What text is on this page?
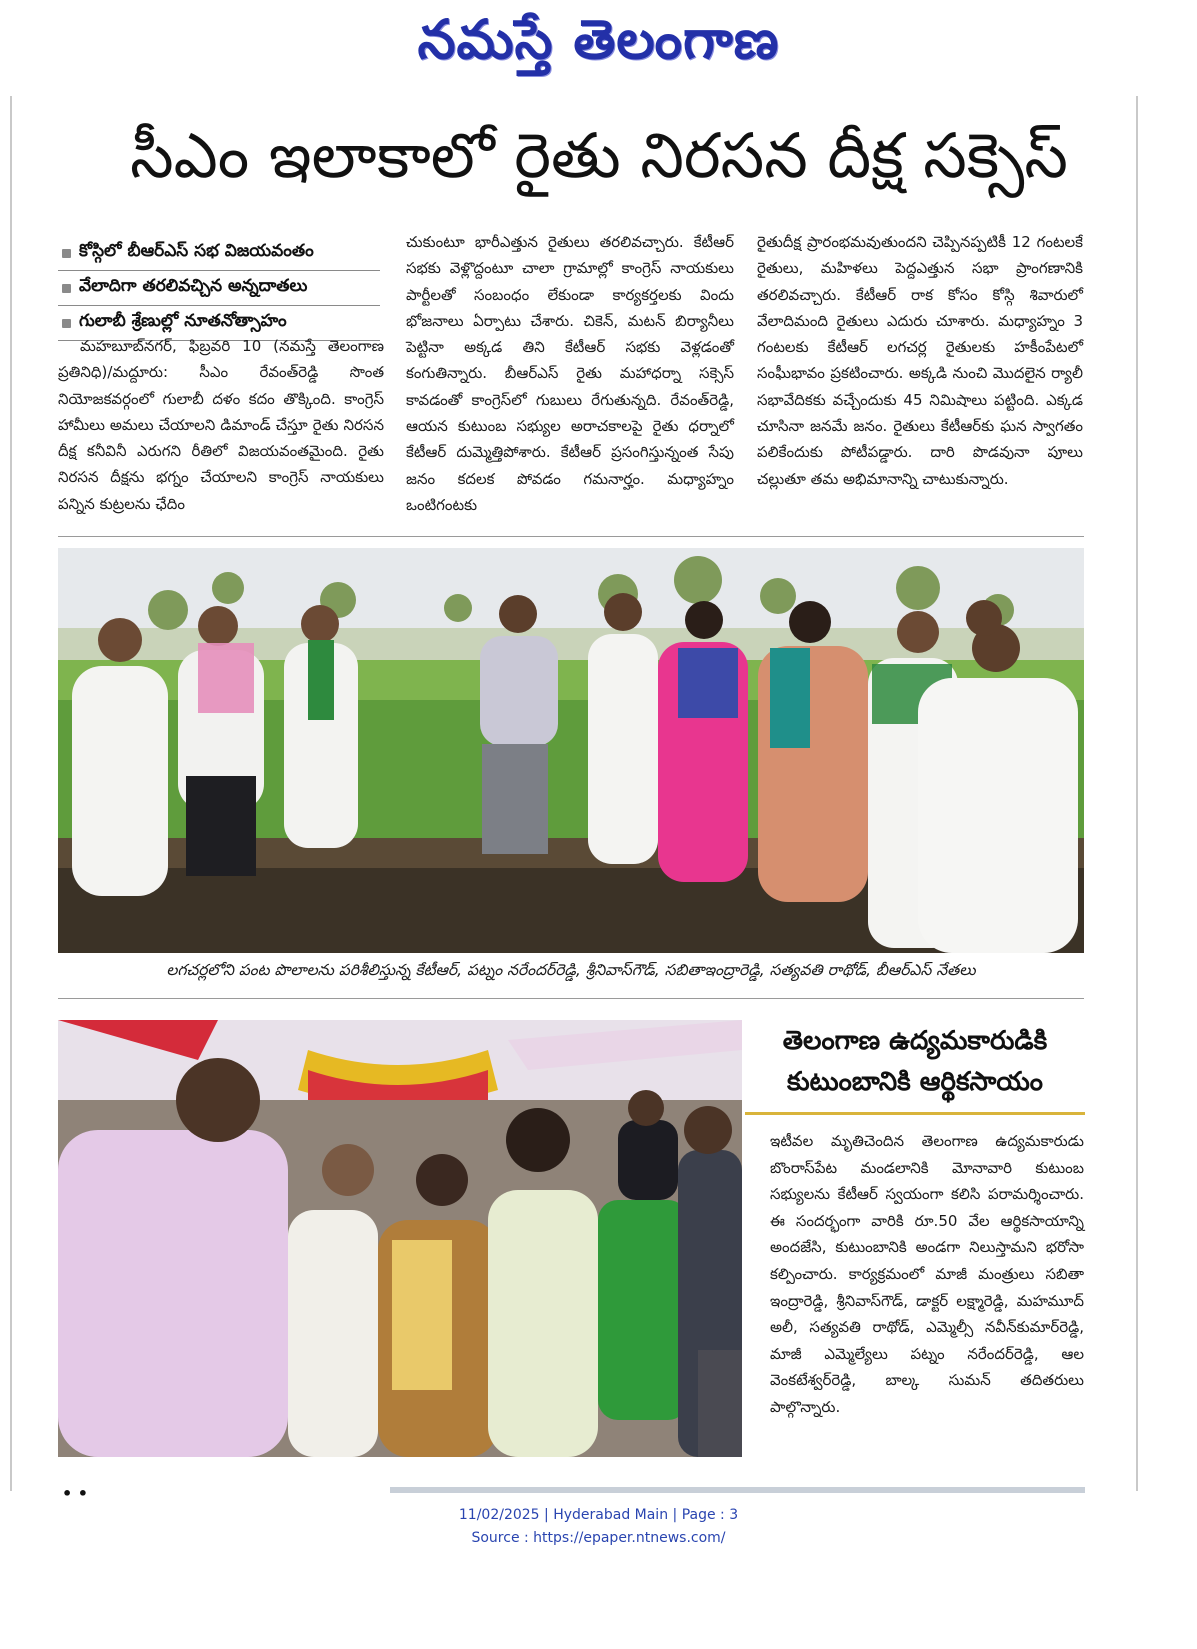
నమస్తే తెలంగాణ
సీఎం ఇలాకాలో రైతు నిరసన దీక్ష సక్సెస్
కోస్గిలో బీఆర్‌ఎస్ సభ విజయవంతం
వేలాదిగా తరలివచ్చిన అన్నదాతలు
గులాబీ శ్రేణుల్లో నూతనోత్సాహం
మహబూబ్‌నగర్, ఫిబ్రవరి 10 (నమస్తే తెలంగాణ ప్రతినిధి)/మద్దూరు: సీఎం రేవంత్‌రెడ్డి సొంత నియోజకవర్గంలో గులాబీ దళం కదం తొక్కింది. కాంగ్రెస్ హామీలు అమలు చేయాలని డిమాండ్ చేస్తూ రైతు నిరసన దీక్ష కనీవినీ ఎరుగని రీతిలో విజయవంతమైంది. రైతు నిరసన దీక్షను భగ్నం చేయాలని కాంగ్రెస్ నాయకులు పన్నిన కుట్రలను ఛేదిం
చుకుంటూ భారీఎత్తున రైతులు తరలివచ్చారు. కేటీఆర్ సభకు వెళ్లొద్దంటూ చాలా గ్రామాల్లో కాంగ్రెస్ నాయకులు పార్టీలతో సంబంధం లేకుండా కార్యకర్తలకు విందు భోజనాలు ఏర్పాటు చేశారు. చికెన్, మటన్ బిర్యానీలు పెట్టినా అక్కడ తిని కేటీఆర్ సభకు వెళ్లడంతో కంగుతిన్నారు. బీఆర్‌ఎస్ రైతు మహాధర్నా సక్సెస్ కావడంతో కాంగ్రెస్‌లో గుబులు రేగుతున్నది. రేవంత్‌రెడ్డి, ఆయన కుటుంబ సభ్యుల అరాచకాలపై రైతు ధర్నాలో కేటీఆర్ దుమ్మెత్తిపోశారు. కేటీఆర్ ప్రసంగిస్తున్నంత సేపు జనం కదలక పోవడం గమనార్హం. మధ్యాహ్నం ఒంటిగంటకు
రైతుదీక్ష ప్రారంభమవుతుందని చెప్పినప్పటికీ 12 గంటలకే రైతులు, మహిళలు పెద్దఎత్తున సభా ప్రాంగణానికి తరలివచ్చారు. కేటీఆర్ రాక కోసం కోస్గి శివారులో వేలాదిమంది రైతులు ఎదురు చూశారు. మధ్యాహ్నం 3 గంటలకు కేటీఆర్ లగచర్ల రైతులకు హకీంపేటలో సంఘీభావం ప్రకటించారు. అక్కడి నుంచి మొదలైన ర్యాలీ సభావేదికకు వచ్చేందుకు 45 నిమిషాలు పట్టింది. ఎక్కడ చూసినా జనమే జనం. రైతులు కేటీఆర్‌కు ఘన స్వాగతం పలికేందుకు పోటీపడ్డారు. దారి పొడవునా పూలు చల్లుతూ తమ అభిమానాన్ని చాటుకున్నారు.
లగచర్లలోని పంట పొలాలను పరిశీలిస్తున్న కేటీఆర్, పట్నం నరేందర్‌రెడ్డి, శ్రీనివాస్‌గౌడ్, సబితాఇంద్రారెడ్డి, సత్యవతి రాథోడ్, బీఆర్‌ఎస్ నేతలు
తెలంగాణ ఉద్యమకారుడికి
కుటుంబానికి ఆర్థికసాయం
ఇటీవల మృతిచెందిన తెలంగాణ ఉద్యమకారుడు బొంరాస్‌పేట మండలానికి మోనావారి కుటుంబ సభ్యులను కేటీఆర్ స్వయంగా కలిసి పరామర్శించారు. ఈ సందర్భంగా వారికి రూ.50 వేల ఆర్థికసాయాన్ని అందజేసి, కుటుంబానికి అండగా నిలుస్తామని భరోసా కల్పించారు. కార్యక్రమంలో మాజీ మంత్రులు సబితా ఇంద్రారెడ్డి, శ్రీనివాస్‌గౌడ్, డాక్టర్ లక్ష్మారెడ్డి, మహమూద్ అలీ, సత్యవతి రాథోడ్, ఎమ్మెల్సీ నవీన్‌కుమార్‌రెడ్డి, మాజీ ఎమ్మెల్యేలు పట్నం నరేందర్‌రెడ్డి, ఆల వెంకటేశ్వర్‌రెడ్డి, బాల్క సుమన్ తదితరులు పాల్గొన్నారు.
• •
11/02/2025 | Hyderabad Main | Page : 3
Source : https://epaper.ntnews.com/
